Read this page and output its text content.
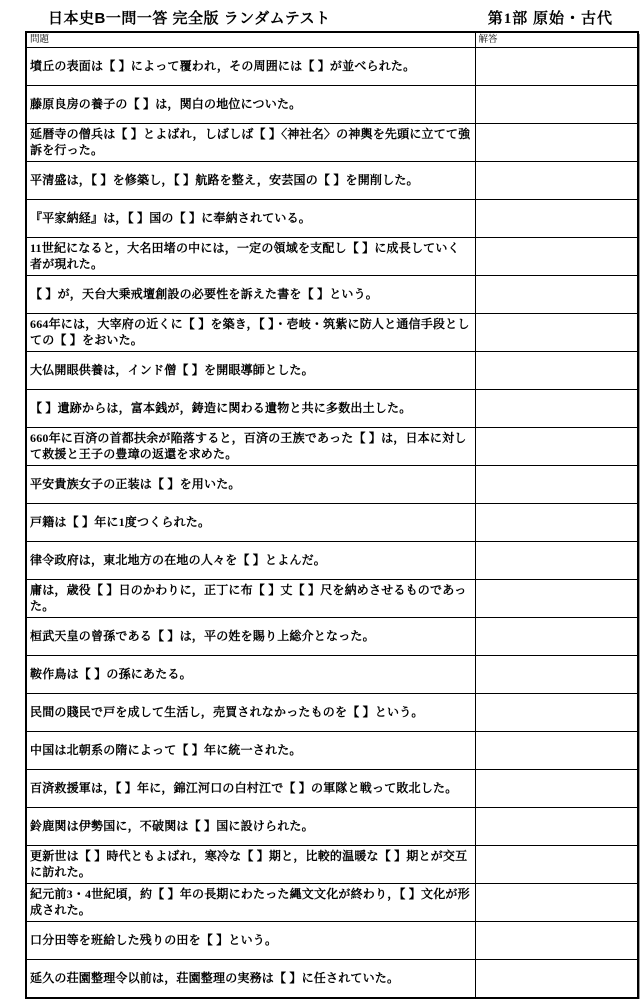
日本史B一問一答 完全版 ランダムテスト	第1部 原始・古代
問題	解答
墳丘の表面は【 】によって覆われ，その周囲には【 】が並べられた。	
藤原良房の養子の【 】は，関白の地位についた。	
延暦寺の僧兵は【 】とよばれ，しばしば【 】〈神社名〉の神輿を先頭に立てて強訴を行った。	
平清盛は，【 】を修築し，【 】航路を整え，安芸国の【 】を開削した。	
『平家納経』は，【 】国の【 】に奉納されている。	
11世紀になると，大名田堵の中には，一定の領域を支配し【 】に成長していく者が現れた。	
【 】が，天台大乗戒壇創設の必要性を訴えた書を【 】という。	
664年には，大宰府の近くに【 】を築き，【 】・壱岐・筑紫に防人と通信手段としての【 】をおいた。	
大仏開眼供養は，インド僧【 】を開眼導師とした。	
【 】遺跡からは，富本銭が，鋳造に関わる遺物と共に多数出土した。	
660年に百済の首都扶余が陥落すると，百済の王族であった【 】は，日本に対して救援と王子の豊璋の返還を求めた。	
平安貴族女子の正装は【 】を用いた。	
戸籍は【 】年に1度つくられた。	
律令政府は，東北地方の在地の人々を【 】とよんだ。	
庸は，歳役【 】日のかわりに，正丁に布【 】丈【 】尺を納めさせるものであった。	
桓武天皇の曾孫である【 】は，平の姓を賜り上総介となった。	
鞍作鳥は【 】の孫にあたる。	
民間の賤民で戸を成して生活し，売買されなかったものを【 】という。	
中国は北朝系の隋によって【 】年に統一された。	
百済救援軍は，【 】年に，錦江河口の白村江で【 】の軍隊と戦って敗北した。	
鈴鹿関は伊勢国に，不破関は【 】国に設けられた。	
更新世は【 】時代ともよばれ，寒冷な【 】期と，比較的温暖な【 】期とが交互に訪れた。	
紀元前3・4世紀頃，約【 】年の長期にわたった縄文文化が終わり，【 】文化が形成された。	
口分田等を班給した残りの田を【 】という。	
延久の荘園整理令以前は，荘園整理の実務は【 】に任されていた。	
